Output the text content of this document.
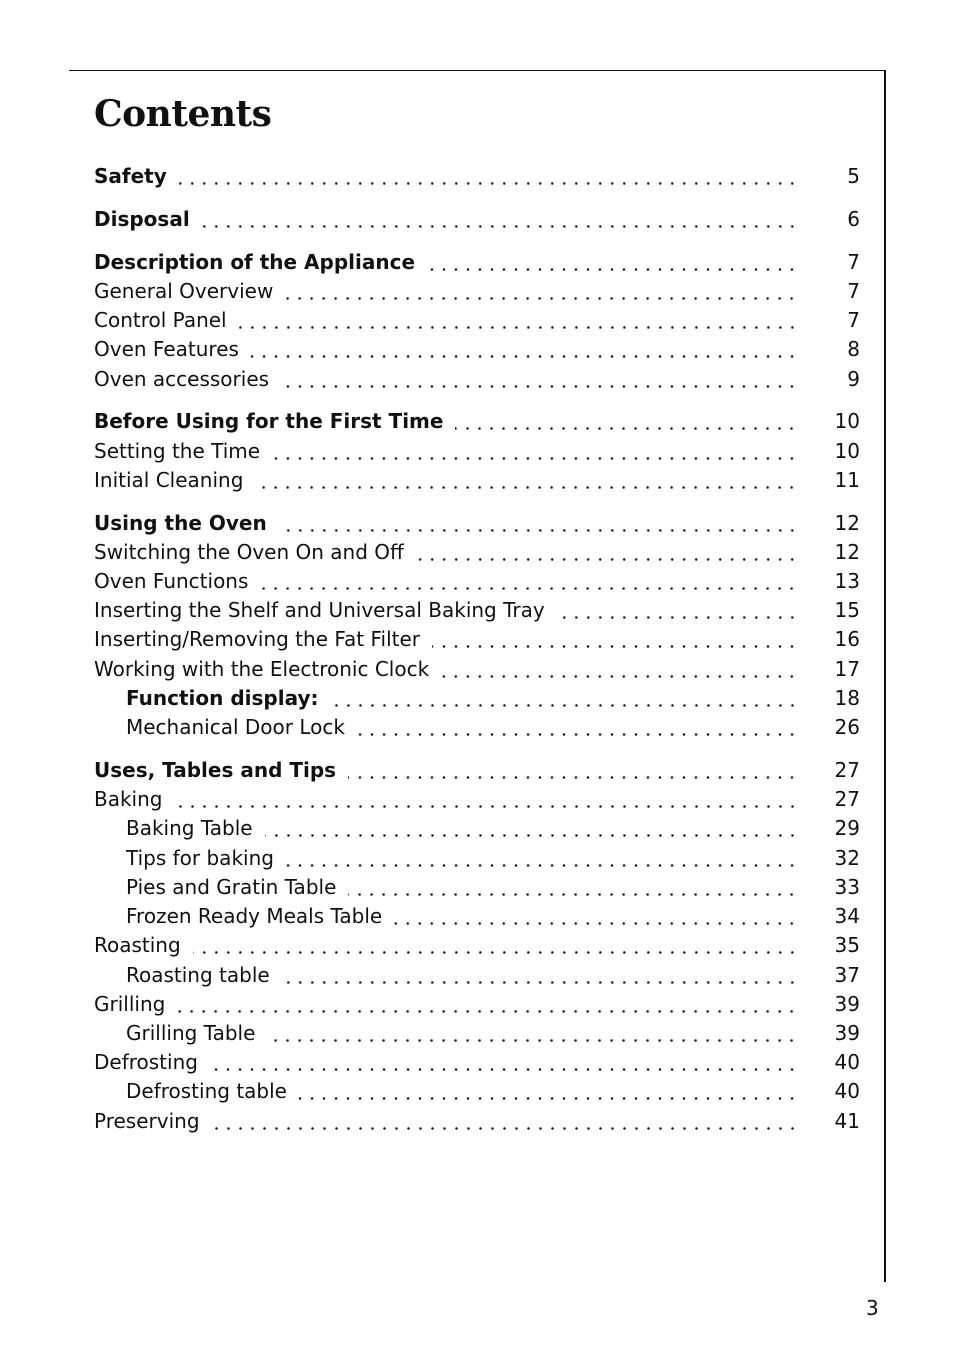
Contents
Safety	5
Disposal	6
Description of the Appliance	7
General Overview	7
Control Panel	7
Oven Features	8
Oven accessories	9
Before Using for the First Time	10
Setting the Time	10
Initial Cleaning	11
Using the Oven	12
Switching the Oven On and Off	12
Oven Functions	13
Inserting the Shelf and Universal Baking Tray	15
Inserting/Removing the Fat Filter	16
Working with the Electronic Clock	17
Function display:	18
Mechanical Door Lock	26
Uses, Tables and Tips	27
Baking	27
Baking Table	29
Tips for baking	32
Pies and Gratin Table	33
Frozen Ready Meals Table	34
Roasting	35
Roasting table	37
Grilling	39
Grilling Table	39
Defrosting	40
Defrosting table	40
Preserving	41
3
